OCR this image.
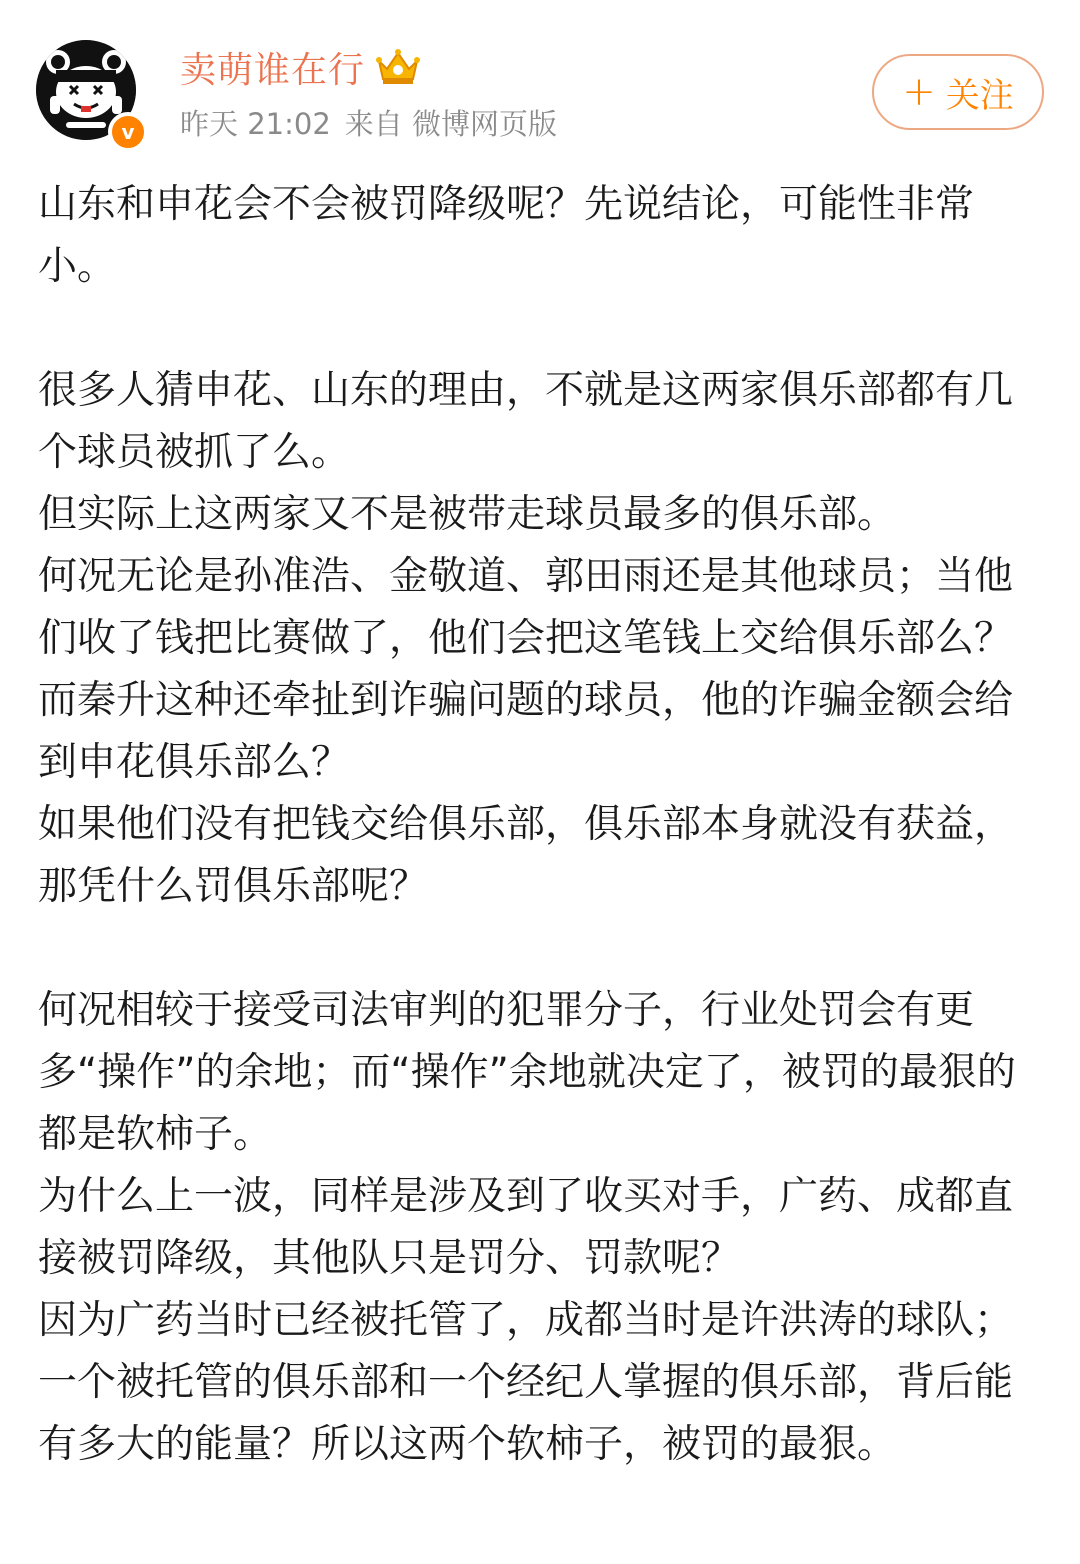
v
卖萌谁在行
昨天 21:02 来自 微博网页版
+ 关注

山东和申花会不会被罚降级呢？先说结论，可能性非常小。

很多人猜申花、山东的理由，不就是这两家俱乐部都有几个球员被抓了么。

但实际上这两家又不是被带走球员最多的俱乐部。

何况无论是孙准浩、金敬道、郭田雨还是其他球员；当他们收了钱把比赛做了，他们会把这笔钱上交给俱乐部么？而秦升这种还牵扯到诈骗问题的球员，他的诈骗金额会给到申花俱乐部么？

如果他们没有把钱交给俱乐部，俱乐部本身就没有获益，那凭什么罚俱乐部呢？

何况相较于接受司法审判的犯罪分子，行业处罚会有更多“操作”的余地；而“操作”余地就决定了，被罚的最狠的都是软柿子。

为什么上一波，同样是涉及到了收买对手，广药、成都直接被罚降级，其他队只是罚分、罚款呢？

因为广药当时已经被托管了，成都当时是许洪涛的球队；一个被托管的俱乐部和一个经纪人掌握的俱乐部，背后能有多大的能量？所以这两个软柿子，被罚的最狠。
